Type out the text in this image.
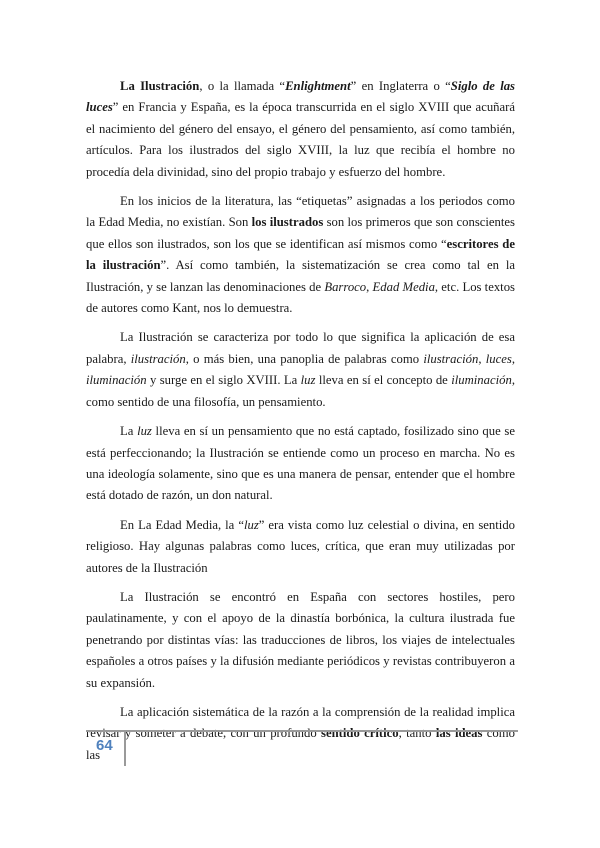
La Ilustración, o la llamada “Enlightment” en Inglaterra o “Siglo de las luces” en Francia y España, es la época transcurrida en el siglo XVIII que acuñará el nacimiento del género del ensayo, el género del pensamiento, así como también, artículos. Para los ilustrados del siglo XVIII, la luz que recibía el hombre no procedía dela divinidad, sino del propio trabajo y esfuerzo del hombre.

En los inicios de la literatura, las “etiquetas” asignadas a los periodos como la Edad Media, no existían. Son los ilustrados son los primeros que son conscientes que ellos son ilustrados, son los que se identifican así mismos como “escritores de la ilustración”. Así como también, la sistematización se crea como tal en la Ilustración, y se lanzan las denominaciones de Barroco, Edad Media, etc. Los textos de autores como Kant, nos lo demuestra.

La Ilustración se caracteriza por todo lo que significa la aplicación de esa palabra, ilustración, o más bien, una panoplia de palabras como ilustración, luces, iluminación y surge en el siglo XVIII. La luz lleva en sí el concepto de iluminación, como sentido de una filosofía, un pensamiento.

La luz lleva en sí un pensamiento que no está captado, fosilizado sino que se está perfeccionando; la Ilustración se entiende como un proceso en marcha. No es una ideología solamente, sino que es una manera de pensar, entender que el hombre está dotado de razón, un don natural.

En La Edad Media, la “luz” era vista como luz celestial o divina, en sentido religioso. Hay algunas palabras como luces, crítica, que eran muy utilizadas por autores de la Ilustración

La Ilustración se encontró en España con sectores hostiles, pero paulatinamente, y con el apoyo de la dinastía borbónica, la cultura ilustrada fue penetrando por distintas vías: las traducciones de libros, los viajes de intelectuales españoles a otros países y la difusión mediante periódicos y revistas contribuyeron a su expansión.

La aplicación sistemática de la razón a la comprensión de la realidad implica revisar y someter a debate, con un profundo sentido crítico, tanto las ideas como las

64
